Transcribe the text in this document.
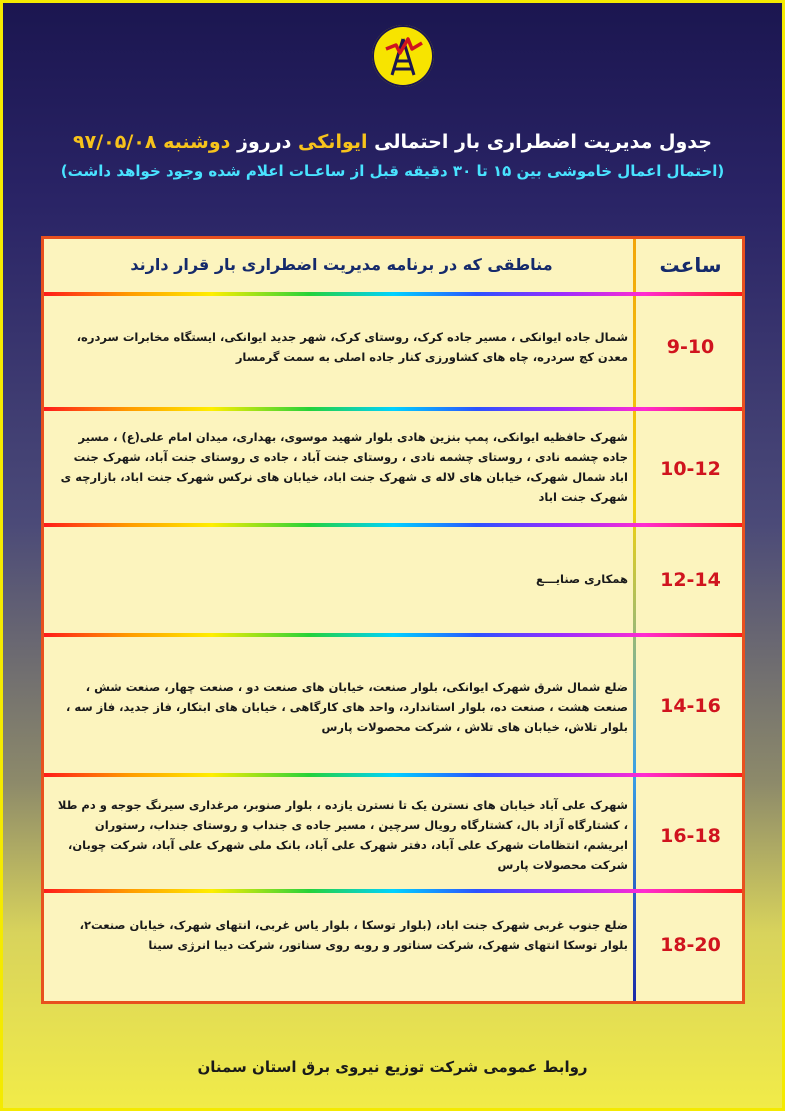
جدول مدیریت اضطراری بار احتمالی ایوانکی درروز دوشنبه ۹۷/۰۵/۰۸
(احتمال اعمال خاموشی بین ۱۵ تا ۳۰ دقیقه قبل از ساعـات اعلام شده وجود خواهد داشت)
ساعت
مناطقی که در برنامه مدیریت اضطراری بار قرار دارند
9-10
شمال جاده ایوانکی ، مسیر جاده کرک، روستای کرک، شهر جدید ایوانکی، ایستگاه مخابرات سردره، معدن کچ سردره، چاه های کشاورزی کنار جاده اصلی به سمت گرمسار
10-12
شهرک حافظیه ایوانکی، پمپ بنزین هادی بلوار شهید موسوی، بهداری، میدان امام علی(ع) ، مسیر جاده چشمه نادی ، روستای چشمه نادی ، روستای جنت آباد ، جاده ی روستای جنت آباد، شهرک جنت اباد شمال شهرک، خیابان های لاله ی شهرک جنت اباد، خیابان های نرکس شهرک جنت اباد، بازارچه ی شهرک جنت اباد
12-14
همکاری صنایـــع
14-16
ضلع شمال شرق شهرک ایوانکی، بلوار صنعت، خیابان های صنعت دو ، صنعت چهار، صنعت شش ، صنعت هشت ، صنعت ده، بلوار استاندارد، واحد های کارگاهی ، خیابان های ابتکار، فاز جدید، فاز سه ، بلوار تلاش، خیابان های تلاش ، شرکت محصولات پارس
16-18
شهرک علی آباد خیابان های نسترن یک تا نسترن یازده ، بلوار صنوبر، مرغداری سیرنگ جوجه و دم طلا ، کشتارگاه آزاد بال، کشتارگاه رویال سرچین ، مسیر جاده ی جنداب و روستای جنداب، رستوران ابریشم، انتظامات شهرک علی آباد، دفتر شهرک علی آباد، بانک ملی شهرک علی آباد، شرکت چوبان، شرکت محصولات پارس
18-20
ضلع جنوب غربی شهرک جنت اباد، (بلوار توسکا ، بلوار یاس غربی، انتهای شهرک، خیابان صنعت۲، بلوار توسکا انتهای شهرک، شرکت سناتور و روبه روی سناتور، شرکت دیبا انرژی سینا
روابط عمومی شرکت توزیع نیروی برق استان سمنان
